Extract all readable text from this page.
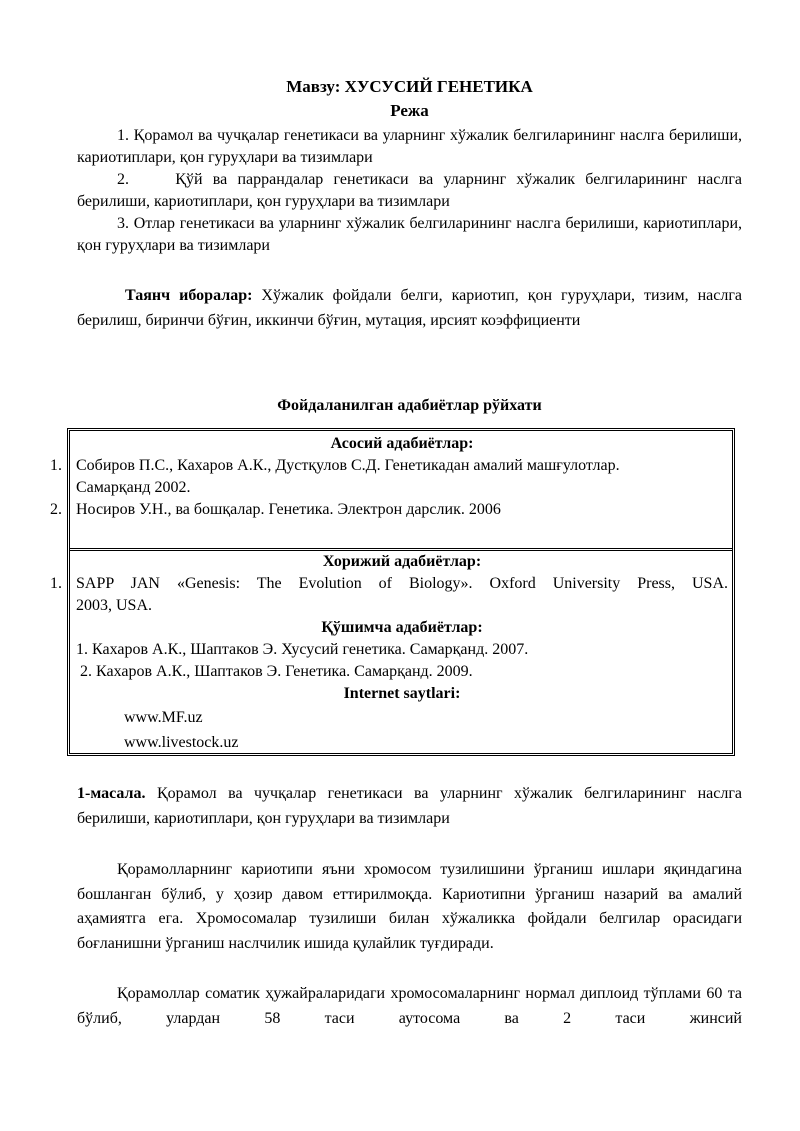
Мавзу: ХУСУСИЙ ГЕНЕТИКА
Режа
1. Қорамол ва чучқалар генетикаси ва уларнинг хўжалик белгиларининг наслга берилиши, кариотиплари, қон гуруҳлари ва тизимлари
2.	Қўй ва паррандалар генетикаси ва уларнинг хўжалик белгиларининг наслга берилиши, кариотиплари, қон гуруҳлари ва тизимлари
3. Отлар генетикаси ва уларнинг хўжалик белгиларининг наслга берилиши, кариотиплари, қон гуруҳлари ва тизимлари
Таянч иборалар: Хўжалик фойдали белги, кариотип, қон гуруҳлари, тизим, наслга берилиш, биринчи бўғин, иккинчи бўғин, мутация, ирсият коэффициенти
Фойдаланилган адабиётлар рўйхати
Асосий адабиётлар:
1. Собиров П.С., Кахаров А.К., Дустқулов С.Д. Генетикадан амалий машғулотлар.
Самарқанд 2002.
2. Носиров У.Н., ва бошқалар. Генетика. Электрон дарслик. 2006
Хорижий адабиётлар:
1. SAPP JAN «Genesis: The Evolution of Biology». Oxford University Press, USA.
2003, USA.
Қўшимча адабиётлар:
1. Кахаров А.К., Шаптаков Э. Хусусий генетика. Самарқанд. 2007.
2. Кахаров А.К., Шаптаков Э. Генетика. Самарқанд. 2009.
Internet saytlari:
www.MF.uz
www.livestock.uz
1-масала. Қорамол ва чучқалар генетикаси ва уларнинг хўжалик белгиларининг наслга берилиши, кариотиплари, қон гуруҳлари ва тизимлари
Қорамолларнинг кариотипи яъни хромосом тузилишини ўрганиш ишлари яқиндагина бошланган бўлиб, у ҳозир давом еттирилмоқда. Кариотипни ўрганиш назарий ва амалий аҳамиятга ега. Хромосомалар тузилиши билан хўжаликка фойдали белгилар орасидаги боғланишни ўрганиш наслчилик ишида қулайлик туғдиради.
Қорамоллар соматик ҳужайраларидаги хромосомаларнинг нормал диплоид тўплами 60 та бўлиб, улардан 58 таси аутосома ва 2 таси жинсий
